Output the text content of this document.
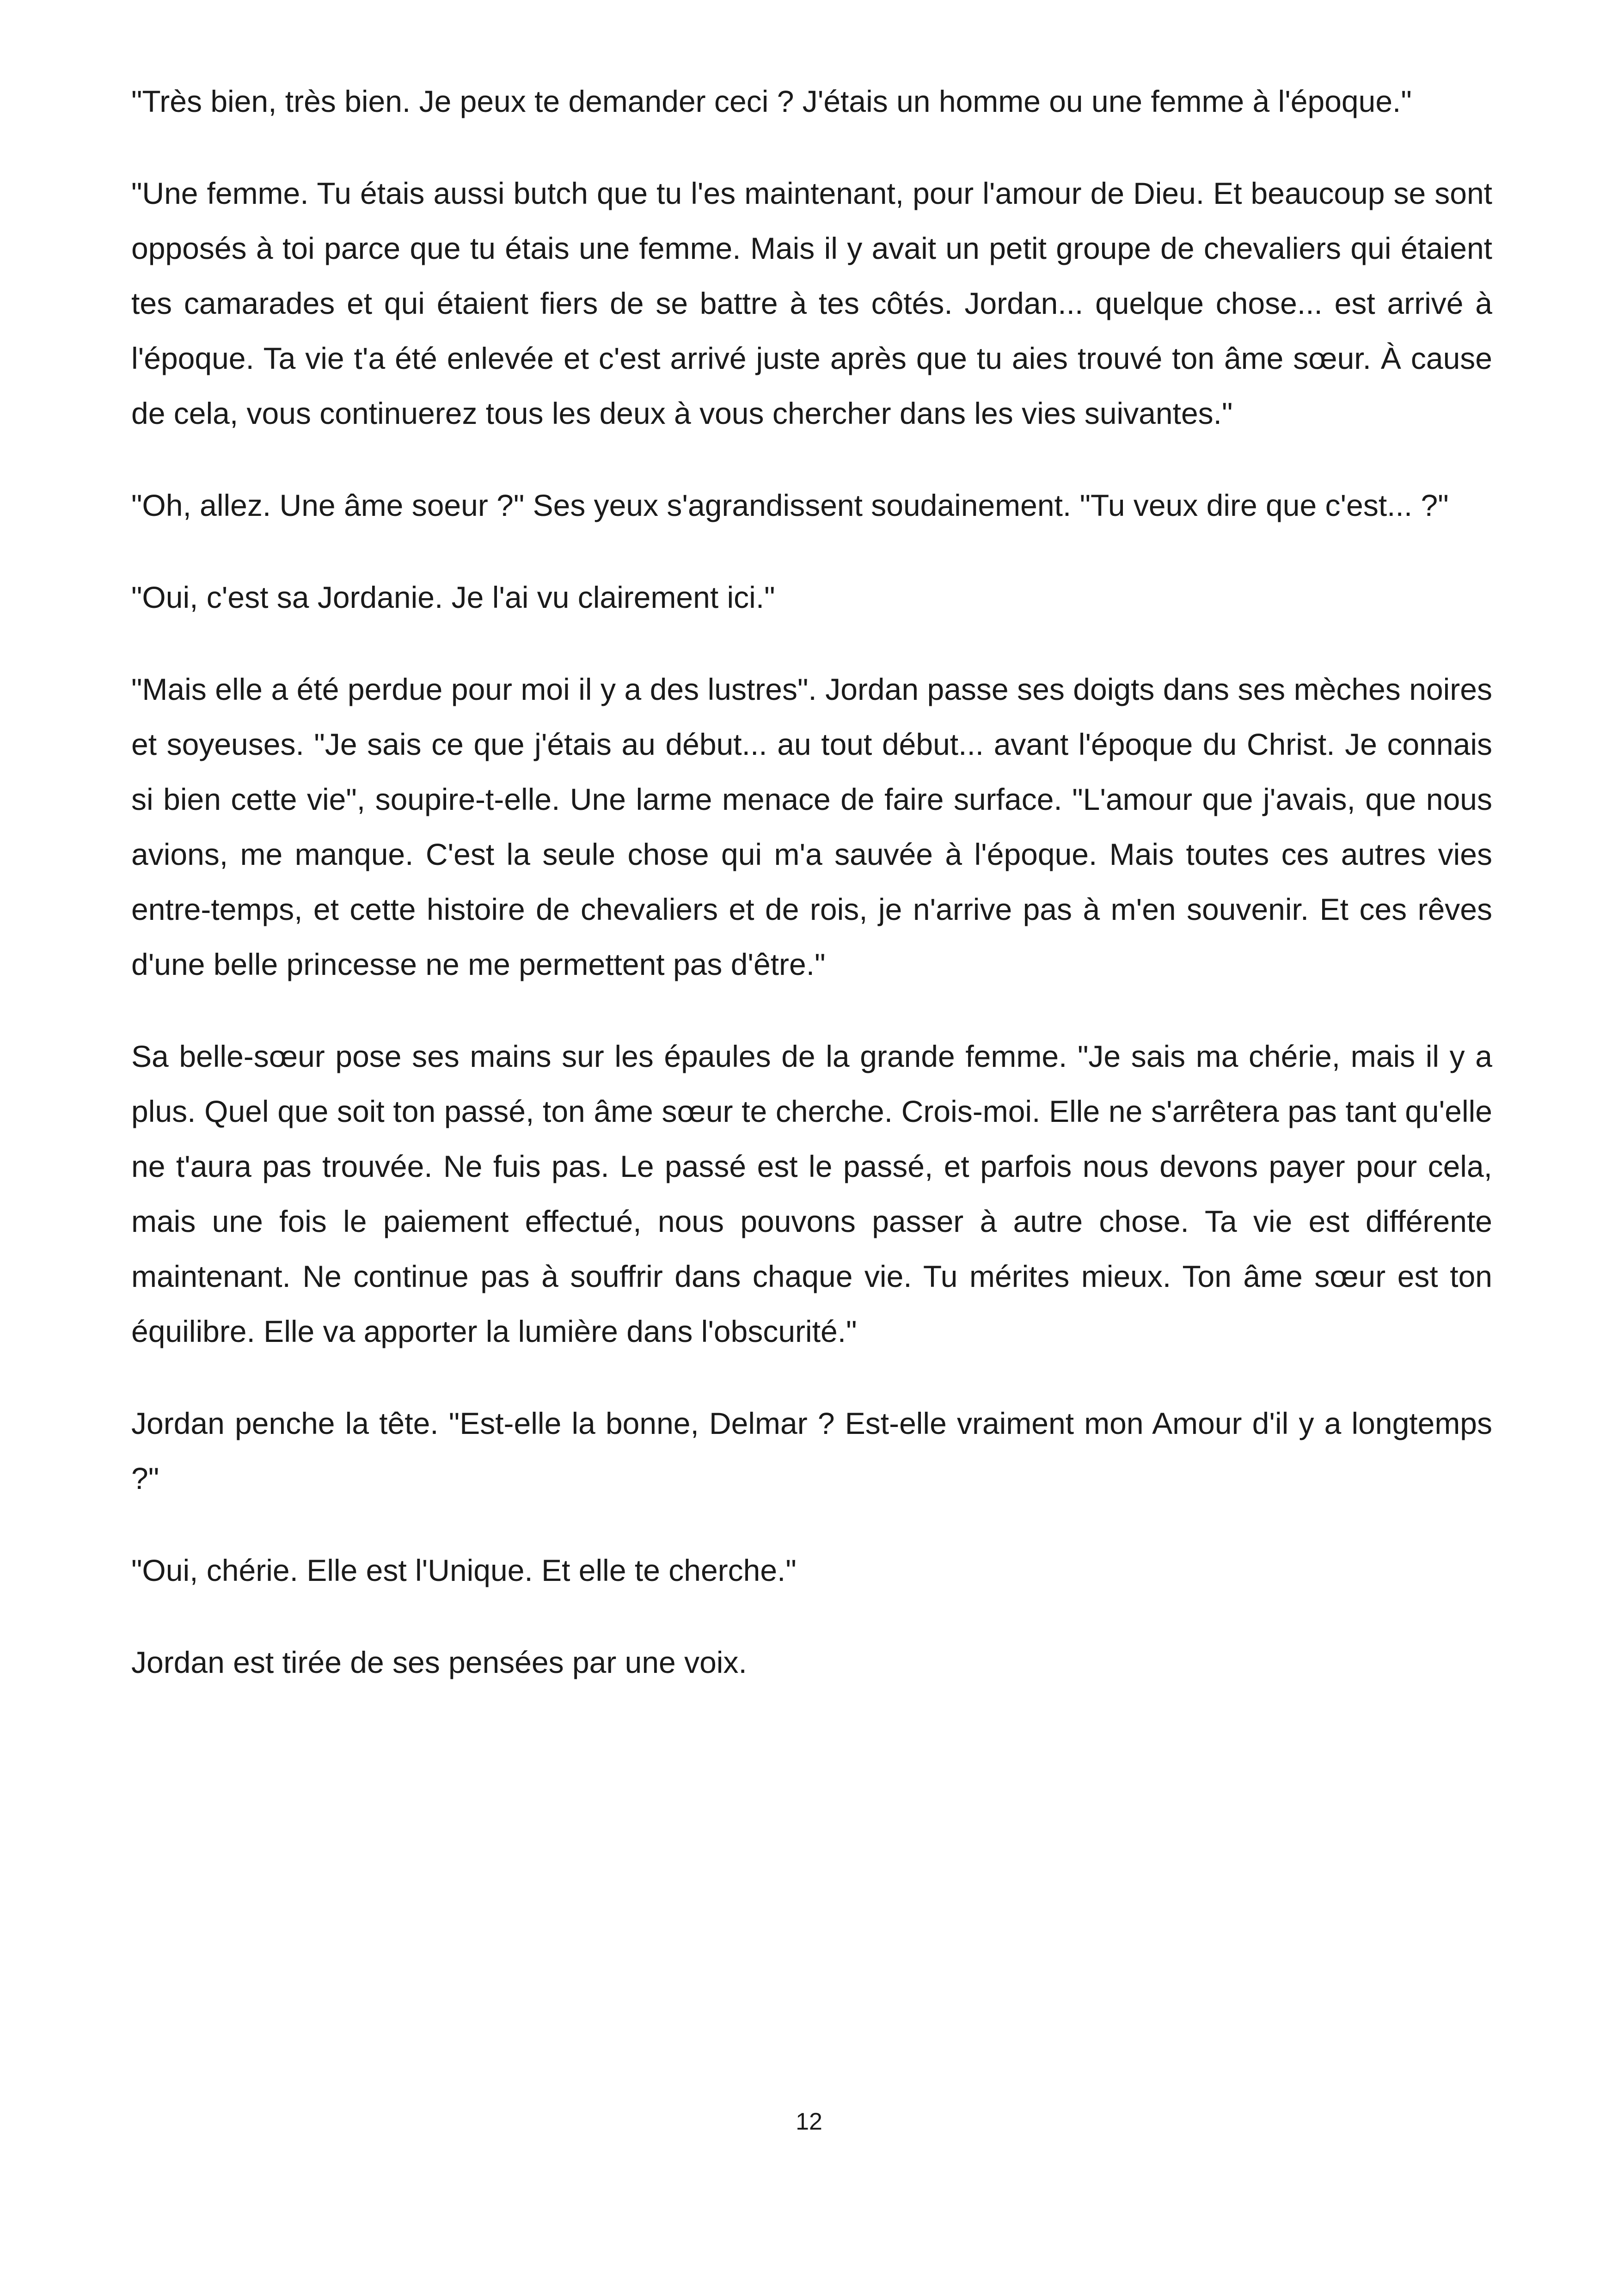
"Très bien, très bien. Je peux te demander ceci ? J'étais un homme ou une femme à l'époque."

"Une femme. Tu étais aussi butch que tu l'es maintenant, pour l'amour de Dieu. Et beaucoup se sont opposés à toi parce que tu étais une femme. Mais il y avait un petit groupe de chevaliers qui étaient tes camarades et qui étaient fiers de se battre à tes côtés. Jordan... quelque chose... est arrivé à l'époque. Ta vie t'a été enlevée et c'est arrivé juste après que tu aies trouvé ton âme sœur. À cause de cela, vous continuerez tous les deux à vous chercher dans les vies suivantes."

"Oh, allez. Une âme soeur ?" Ses yeux s'agrandissent soudainement. "Tu veux dire que c'est... ?"

"Oui, c'est sa Jordanie. Je l'ai vu clairement ici."

"Mais elle a été perdue pour moi il y a des lustres". Jordan passe ses doigts dans ses mèches noires et soyeuses. "Je sais ce que j'étais au début... au tout début... avant l'époque du Christ. Je connais si bien cette vie", soupire-t-elle. Une larme menace de faire surface. "L'amour que j'avais, que nous avions, me manque. C'est la seule chose qui m'a sauvée à l'époque. Mais toutes ces autres vies entre-temps, et cette histoire de chevaliers et de rois, je n'arrive pas à m'en souvenir. Et ces rêves d'une belle princesse ne me permettent pas d'être."

Sa belle-sœur pose ses mains sur les épaules de la grande femme. "Je sais ma chérie, mais il y a plus. Quel que soit ton passé, ton âme sœur te cherche. Crois-moi. Elle ne s'arrêtera pas tant qu'elle ne t'aura pas trouvée. Ne fuis pas. Le passé est le passé, et parfois nous devons payer pour cela, mais une fois le paiement effectué, nous pouvons passer à autre chose. Ta vie est différente maintenant. Ne continue pas à souffrir dans chaque vie. Tu mérites mieux. Ton âme sœur est ton équilibre. Elle va apporter la lumière dans l'obscurité."

Jordan penche la tête. "Est-elle la bonne, Delmar ? Est-elle vraiment mon Amour d'il y a longtemps ?"

"Oui, chérie. Elle est l'Unique. Et elle te cherche."

Jordan est tirée de ses pensées par une voix.

12
